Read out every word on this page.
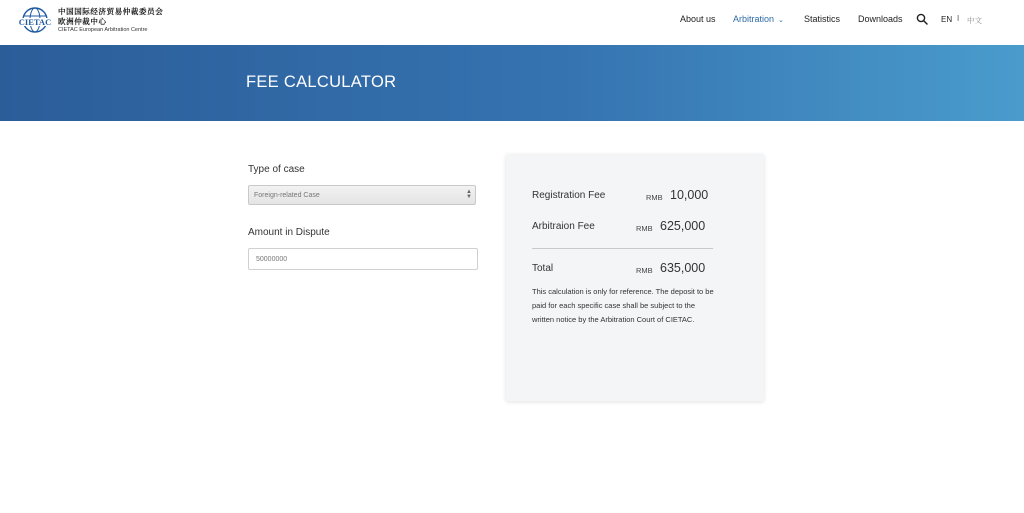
CIETAC
中国国际经济贸易仲裁委员会
欧洲仲裁中心
CIETAC European Arbitration Centre
About us Arbitration ⌄ Statistics Downloads	EN I 中文
FEE CALCULATOR
Type of case
Foreign-related Case	▲
▼
Amount in Dispute
50000000
Registration Fee	RMB 10,000
Arbitraion Fee	RMB 625,000
Total	RMB 635,000
This calculation is only for reference. The deposit to be paid for each specific case shall be subject to the written notice by the Arbitration Court of CIETAC.
